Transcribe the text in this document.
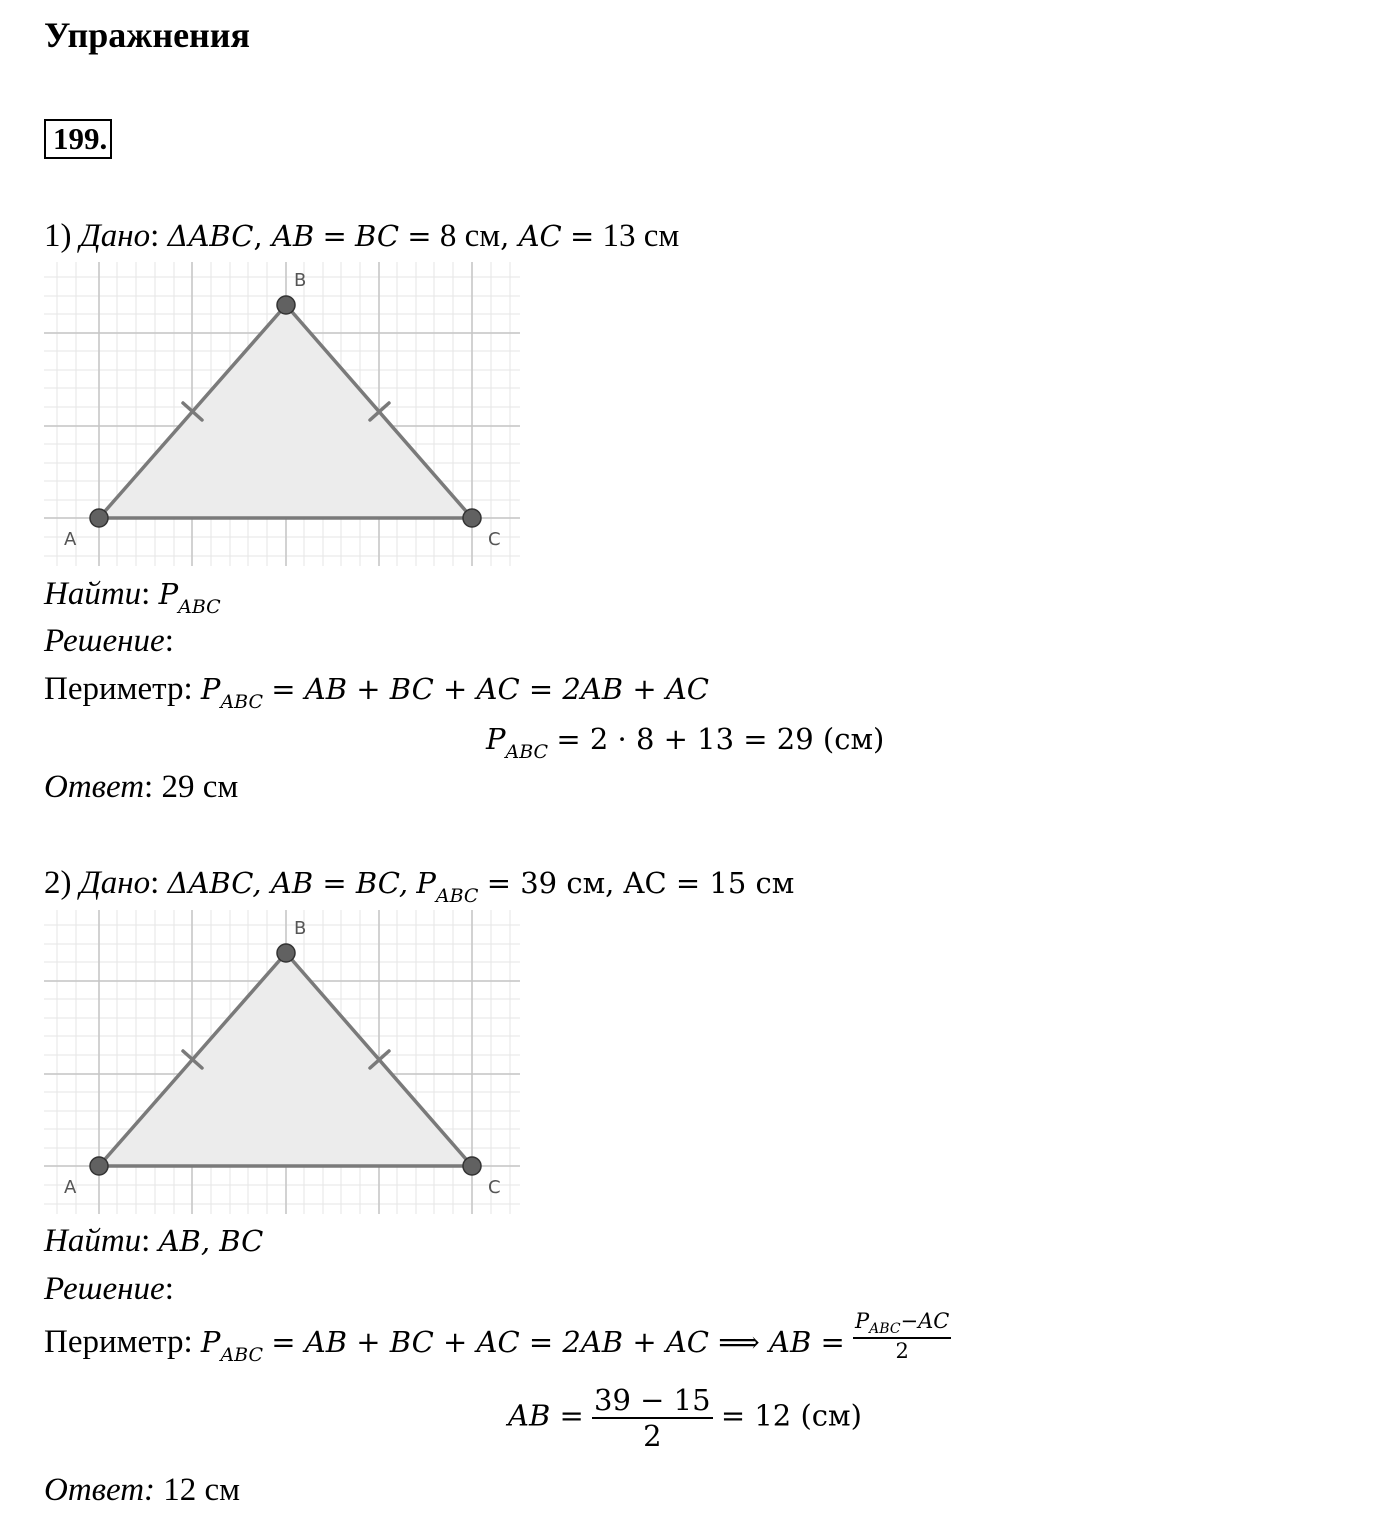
Упражнения
199.
1) Дано: ΔABC, AB = BC = 8 см, AC = 13 см
A
B
C
Найти: $P_{ABC}$
Решение:
Периметр: $P_{ABC}$ = AB + BC + AC = 2AB + AC
$P_{ABC} = 2 \cdot 8 + 13 = 29$ (см)
Ответ: 29 см
2) Дано: ΔABC, AB = BC, $P_{ABC} = 39$ см, AC = 15 см
A
B
C
Найти: AB, BC
Решение:
Периметр: $P_{ABC}$ = AB + BC + AC = 2AB + AC ⟹ AB = $\frac{P_{ABC}-AC}{2}$
AB = $\frac{39 - 15}{2} = 12$ (см)
Ответ: 12 см
